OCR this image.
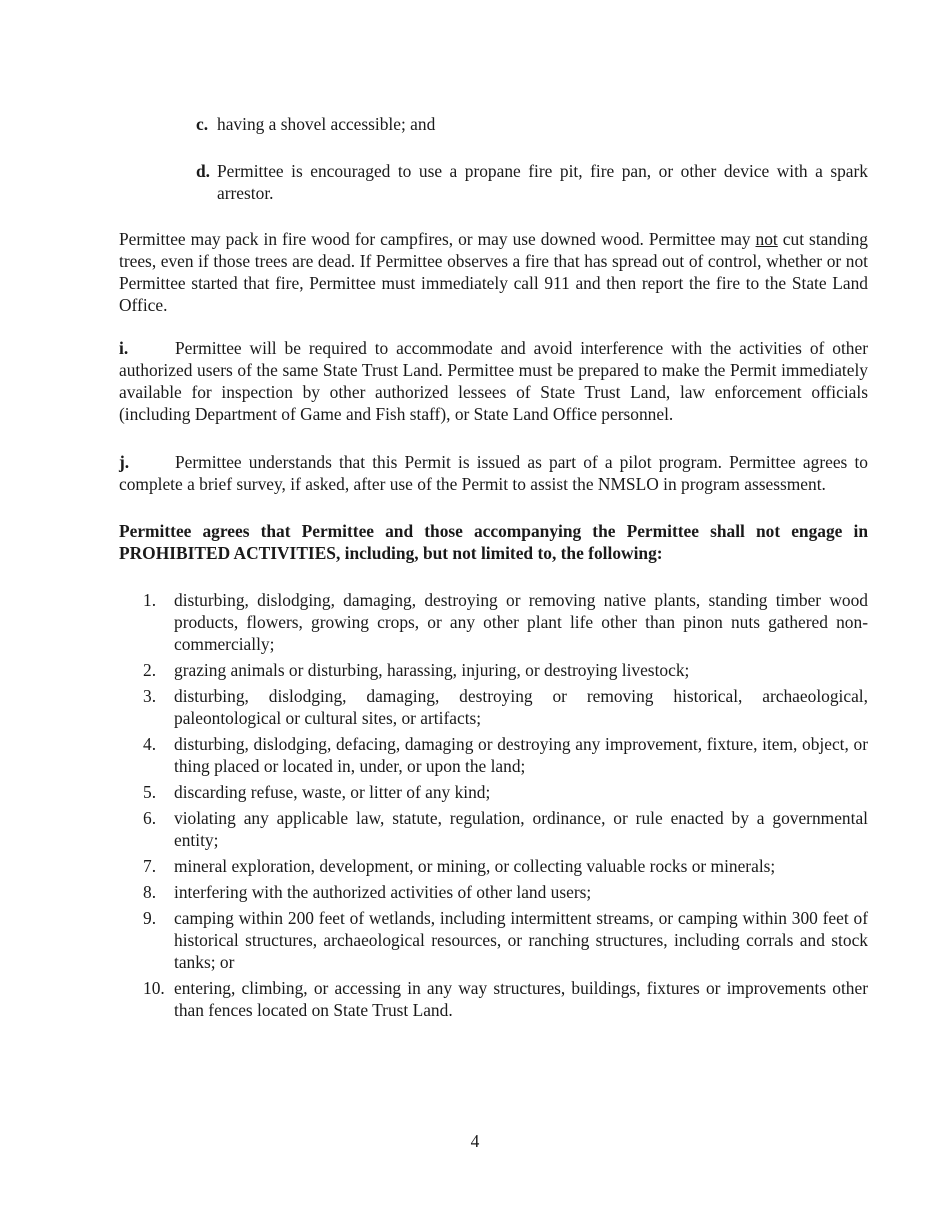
c. having a shovel accessible; and
d. Permittee is encouraged to use a propane fire pit, fire pan, or other device with a spark arrestor.
Permittee may pack in fire wood for campfires, or may use downed wood. Permittee may not cut standing trees, even if those trees are dead. If Permittee observes a fire that has spread out of control, whether or not Permittee started that fire, Permittee must immediately call 911 and then report the fire to the State Land Office.
i.	Permittee will be required to accommodate and avoid interference with the activities of other authorized users of the same State Trust Land. Permittee must be prepared to make the Permit immediately available for inspection by other authorized lessees of State Trust Land, law enforcement officials (including Department of Game and Fish staff), or State Land Office personnel.
j.	Permittee understands that this Permit is issued as part of a pilot program. Permittee agrees to complete a brief survey, if asked, after use of the Permit to assist the NMSLO in program assessment.
Permittee agrees that Permittee and those accompanying the Permittee shall not engage in PROHIBITED ACTIVITIES, including, but not limited to, the following:
1.	disturbing, dislodging, damaging, destroying or removing native plants, standing timber wood products, flowers, growing crops, or any other plant life other than pinon nuts gathered non-commercially;
2.	grazing animals or disturbing, harassing, injuring, or destroying livestock;
3.	disturbing, dislodging, damaging, destroying or removing historical, archaeological, paleontological or cultural sites, or artifacts;
4.	disturbing, dislodging, defacing, damaging or destroying any improvement, fixture, item, object, or thing placed or located in, under, or upon the land;
5.	discarding refuse, waste, or litter of any kind;
6.	violating any applicable law, statute, regulation, ordinance, or rule enacted by a governmental entity;
7.	mineral exploration, development, or mining, or collecting valuable rocks or minerals;
8.	interfering with the authorized activities of other land users;
9.	camping within 200 feet of wetlands, including intermittent streams, or camping within 300 feet of historical structures, archaeological resources, or ranching structures, including corrals and stock tanks; or
10. entering, climbing, or accessing in any way structures, buildings, fixtures or improvements other than fences located on State Trust Land.
4
